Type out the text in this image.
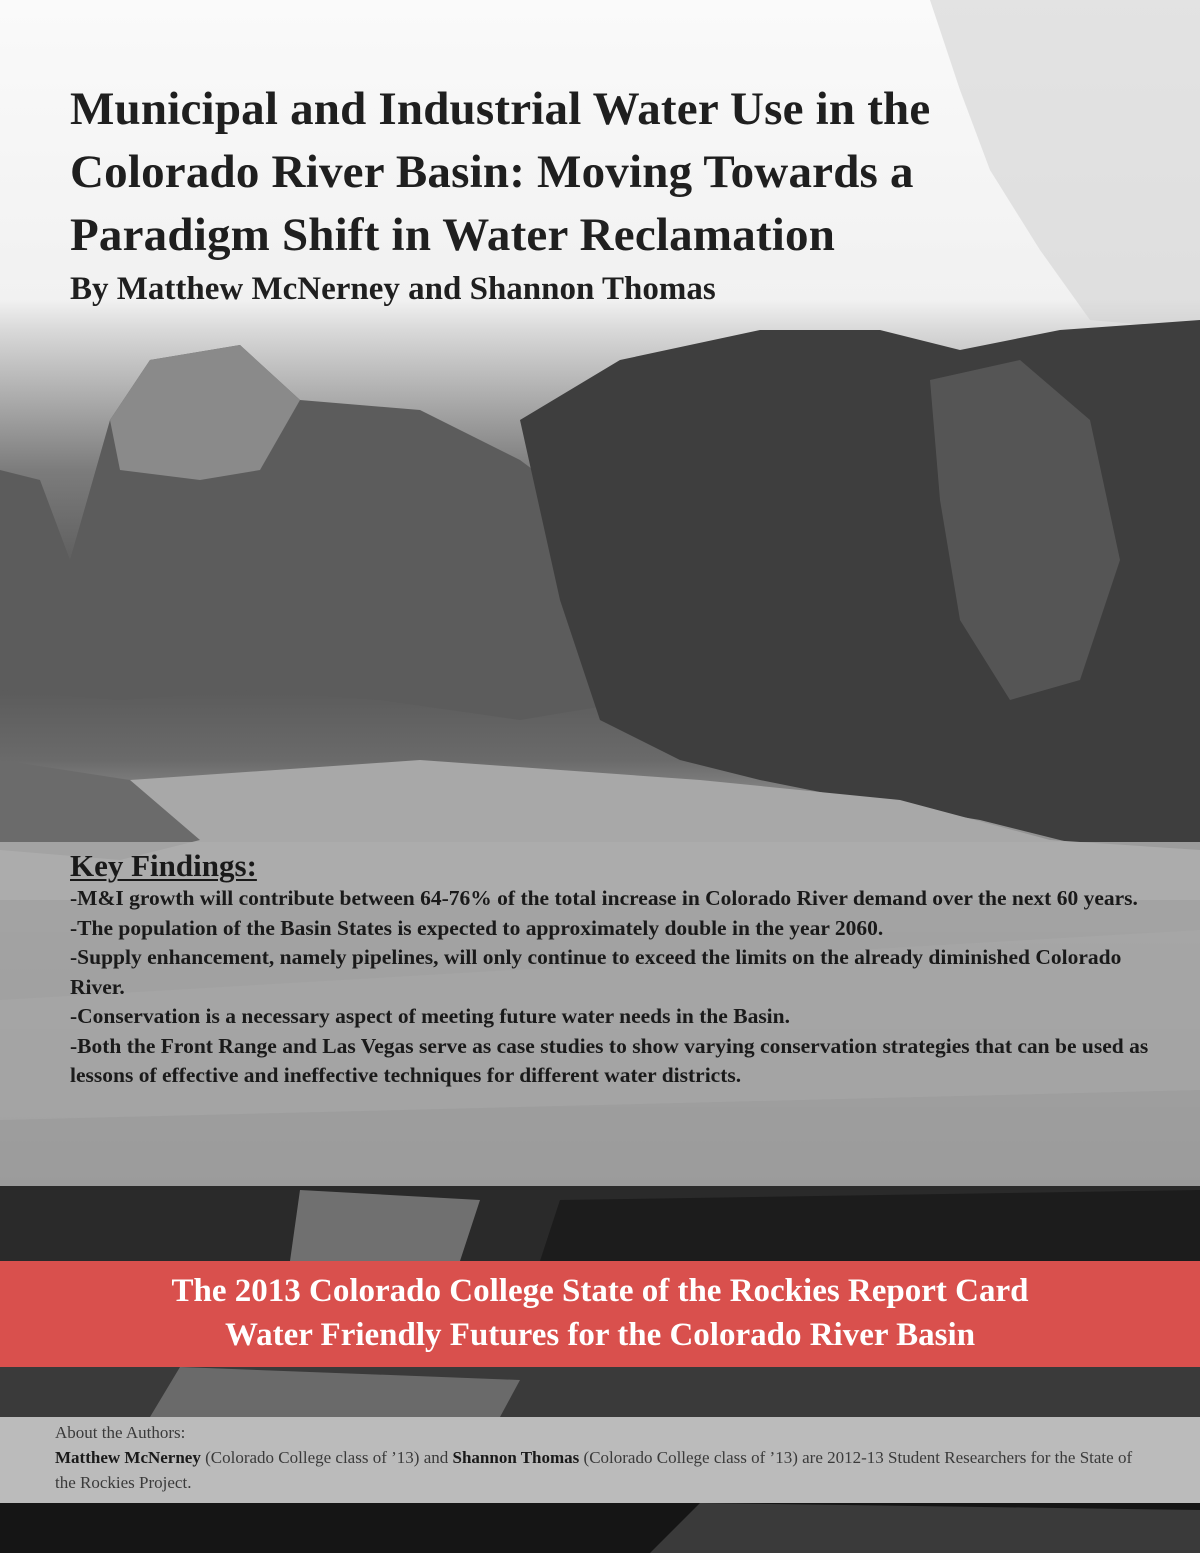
Municipal and Industrial Water Use in the
Colorado River Basin: Moving Towards a
Paradigm Shift in Water Reclamation

By Matthew McNerney and Shannon Thomas

Key Findings:
-M&I growth will contribute between 64-76% of the total increase in Colorado River demand over the next 60 years.
-The population of the Basin States is expected to approximately double in the year 2060.
-Supply enhancement, namely pipelines, will only continue to exceed the limits on the already diminished Colorado River.
-Conservation is a necessary aspect of meeting future water needs in the Basin.
-Both the Front Range and Las Vegas serve as case studies to show varying conservation strategies that can be used as lessons of effective and ineffective techniques for different water districts.
The 2013 Colorado College State of the Rockies Report Card
Water Friendly Futures for the Colorado River Basin

About the Authors:

Matthew McNerney (Colorado College class of ’13) and Shannon Thomas (Colorado College class of ’13) are 2012-13 Student Researchers for the State of the Rockies Project.
